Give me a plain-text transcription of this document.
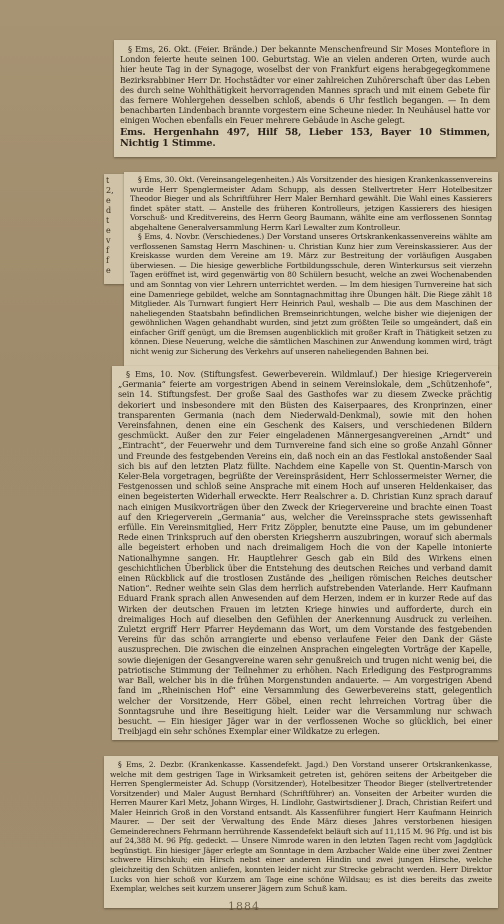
t
2,
e
d
t
e
v
f
f
e

§ Ems, 26. Okt. (Feier. Brände.) Der bekannte Menschenfreund Sir Moses Montefiore in London feierte heute seinen 100. Geburtstag. Wie an vielen anderen Orten, wurde auch hier heute Tag in der Synagoge, woselbst der von Frankfurt eigens herabgegegkommene Bezirksrabbiner Herr Dr. Hochstädter vor einer zahlreichen Zuhörerschaft über das Leben des durch seine Wohlthätigkeit hervorragenden Mannes sprach und mit einem Gebete für das fernere Wohlergehen desselben schloß, abends 6 Uhr festlich begangen. — In dem benachbarten Lindenbach brannte vorgestern eine Scheune nieder. In Neuhäusel hatte vor einigen Wochen ebenfalls ein Feuer mehrere Gebäude in Asche gelegt.

Ems. Hergenhahn 497, Hilf 58, Lieber 153, Bayer 10 Stimmen, Nichtig 1 Stimme.

§ Ems, 30. Okt. (Vereinsangelegenheiten.) Als Vorsitzender des hiesigen Krankenkassenvereins wurde Herr Spenglermeister Adam Schupp, als dessen Stellvertreter Herr Hotelbesitzer Theodor Bieger und als Schriftführer Herr Maler Bernhard gewählt. Die Wahl eines Kassierers findet später statt. — Anstelle des früheren Kontrolleurs, jetzigen Kassierers des hiesigen Vorschuß- und Kreditvereins, des Herrn Georg Baumann, wählte eine am verflossenen Sonntag abgehaltene Generalversammlung Herrn Karl Lewalter zum Kontrolleur.

§ Ems, 4. Novbr. (Verschiedenes.) Der Vorstand unseres Ortskrankenkassenvereins wählte am verflossenen Samstag Herrn Maschinen- u. Christian Kunz hier zum Vereinskassierer. Aus der Kreiskasse wurden dem Vereine am 19. März zur Bestreitung der vorläufigen Ausgaben überwiesen. — Die hiesige gewerbliche Fortbildungsschule, deren Winterkursus seit vierzehn Tagen eröffnet ist, wird gegenwärtig von 80 Schülern besucht, welche an zwei Wochenabenden und am Sonntag von vier Lehrern unterrichtet werden. — Im dem hiesigen Turnvereine hat sich eine Damenriege gebildet, welche am Sonntagnachmittag ihre Übungen hält. Die Riege zählt 18 Mitglieder. Als Turnwart fungiert Herr Heinrich Paul, weshalb — Die aus dem Maschinen der naheliegenden Staatsbahn befindlichen Bremseinrichtungen, welche bisher wie diejenigen der gewöhnlichen Wagen gehandhabt wurden, sind jetzt zum größten Teile so umgeändert, daß ein einfacher Griff genügt, um die Bremsen augenblicklich mit großer Kraft in Thätigkeit setzen zu können. Diese Neuerung, welche die sämtlichen Maschinen zur Anwendung kommen wird, trägt nicht wenig zur Sicherung des Verkehrs auf unseren naheliegenden Bahnen bei.

§ Ems, 10. Nov. (Stiftungsfest. Gewerbeverein. Wildmlauf.) Der hiesige Kriegerverein „Germania“ feierte am vorgestrigen Abend in seinem Vereinslokale, dem „Schützenhofe“, sein 14. Stiftungsfest. Der große Saal des Gasthofes war zu diesem Zwecke prächtig dekoriert und insbesondere mit den Büsten des Kaiserpaares, des Kronprinzen, einer transparenten Germania (nach dem Niederwald-Denkmal), sowie mit den hohen Vereinsfahnen, denen eine ein Geschenk des Kaisers, und verschiedenen Bildern geschmückt. Außer den zur Feier eingeladenen Männergesangvereinen „Arndt“ und „Eintracht“, der Feuerwehr und dem Turnvereine fand sich eine so große Anzahl Gönner und Freunde des festgebenden Vereins ein, daß noch ein an das Festlokal anstoßender Saal sich bis auf den letzten Platz füllte. Nachdem eine Kapelle von St. Quentin-Marsch von Keler-Bela vorgetragen, begrüßte der Vereinspräsident, Herr Schlossermeister Werner, die Festgenossen und schloß seine Ansprache mit einem Hoch auf unseren Heldenkaiser, das einen begeisterten Widerhall erweckte. Herr Realschrer a. D. Christian Kunz sprach darauf nach einigen Musikvorträgen über den Zweck der Kriegervereine und brachte einen Toast auf den Kriegerverein „Germania“ aus, welcher die Vereinssprache stets gewissenhaft erfülle. Ein Vereinsmitglied, Herr Fritz Zöppler, benutzte eine Pause, um im gebundener Rede einen Trinkspruch auf den obersten Kriegsherrn auszubringen, worauf sich abermals alle begeistert erhoben und nach dreimaligem Hoch die von der Kapelle intonierte Nationalhymne sangen. Hr. Hauptlehrer Gesch gab ein Bild des Wirkens einen geschichtlichen Überblick über die Entstehung des deutschen Reiches und verband damit einen Rückblick auf die trostlosen Zustände des „heiligen römischen Reiches deutscher Nation“. Redner weihte sein Glas dem herrlich aufstrebenden Vaterlande. Herr Kaufmann Eduard Frank sprach allen Anwesenden auf dem Herzen, indem er in kurzer Rede auf das Wirken der deutschen Frauen im letzten Kriege hinwies und aufforderte, durch ein dreimaliges Hoch auf dieselben den Gefühlen der Anerkennung Ausdruck zu verleihen. Zuletzt ergriff Herr Pfarrer Heydemann das Wort, um dem Vorstande des festgebenden Vereins für das schön arrangierte und ebenso verlaufene Feier den Dank der Gäste auszusprechen. Die zwischen die einzelnen Ansprachen eingelegten Vorträge der Kapelle, sowie diejenigen der Gesangvereine waren sehr genußreich und trugen nicht wenig bei, die patriotische Stimmung der Teilnehmer zu erhöhen. Nach Erledigung des Festprogramms war Ball, welcher bis in die frühen Morgenstunden andauerte. — Am vorgestrigen Abend fand im „Rheinischen Hof“ eine Versammlung des Gewerbevereins statt, gelegentlich welcher der Vorsitzende, Herr Göbel, einen recht lehrreichen Vortrag über die Sonntagsruhe und ihre Beseitigung hielt. Leider war die Versammlung nur schwach besucht. — Ein hiesiger Jäger war in der verflossenen Woche so glücklich, bei einer Treibjagd ein sehr schönes Exemplar einer Wildkatze zu erlegen.

§ Ems, 2. Dezbr. (Krankenkasse. Kassendefekt. Jagd.) Den Vorstand unserer Ortskrankenkasse, welche mit dem gestrigen Tage in Wirksamkeit getreten ist, gehören seitens der Arbeitgeber die Herren Spenglermeister Ad. Schupp (Vorsitzender), Hotelbesitzer Theodor Bieger (stellvertretender Vorsitzender) und Maler August Bernhard (Schriftführer) an. Vonseiten der Arbeiter wurden die Herren Maurer Karl Metz, Johann Wirges, H. Lindlohr, Gastwirtsdiener J. Drach, Christian Reifert und Maler Heinrich Groß in den Vorstand entsandt. Als Kassenführer fungiert Herr Kaufmann Heinrich Maurer. — Der seit der Verwaltung des Ende März dieses Jahres verstorbenen hiesigen Gemeinderechners Fehrmann herrührende Kassendefekt beläuft sich auf 11,115 M. 96 Pfg. und ist bis auf 24,388 M. 96 Pfg. gedeckt. — Unsere Nimrode waren in den letzten Tagen recht vom Jagdglück begünstigt. Ein hiesiger Jäger erlegte am Sonntage in dem Arzbacher Walde eine über zwei Zentner schwere Hirschkuh; ein Hirsch nebst einer anderen Hindin und zwei jungen Hirsche, welche gleichzeitig den Schützen anliefen, konnten leider nicht zur Strecke gebracht werden. Herr Direktor Lucks von hier schoß vor Kurzem am Tage eine schöne Wildsau; es ist dies bereits das zweite Exemplar, welches seit kurzem unserer Jägern zum Schuß kam.

1884
